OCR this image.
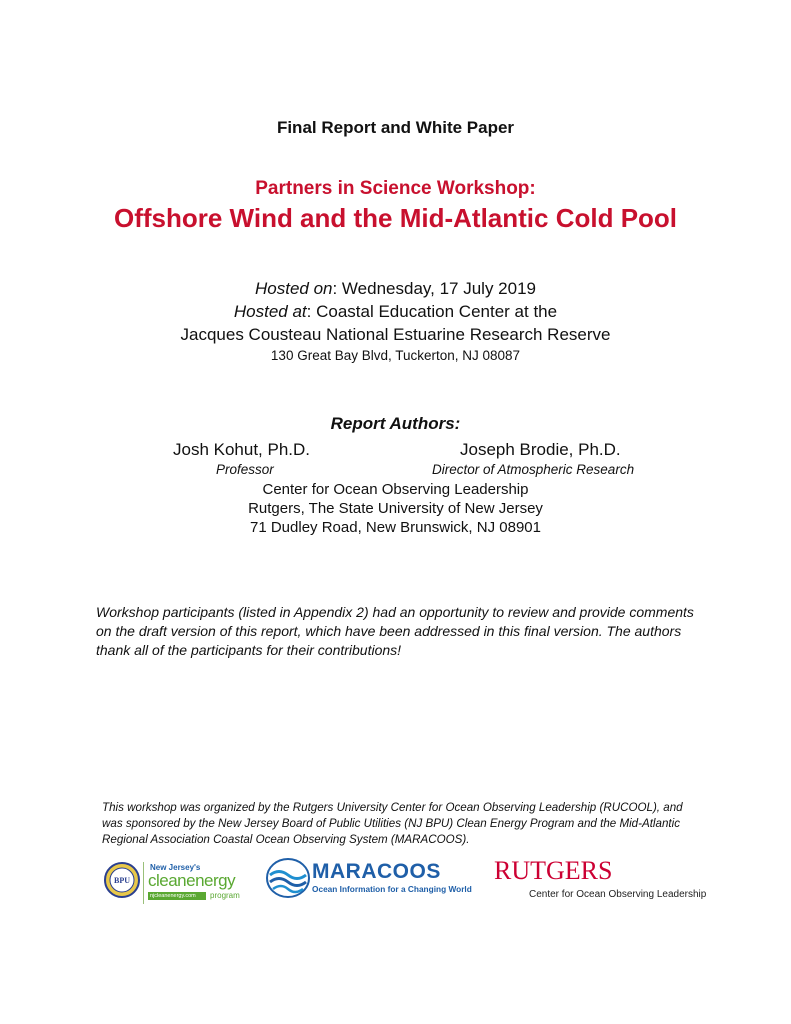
Final Report and White Paper
Partners in Science Workshop:
Offshore Wind and the Mid-Atlantic Cold Pool
Hosted on: Wednesday, 17 July 2019
Hosted at: Coastal Education Center at the
Jacques Cousteau National Estuarine Research Reserve
130 Great Bay Blvd, Tuckerton, NJ 08087
Report Authors:
Josh Kohut, Ph.D.
Professor
Joseph Brodie, Ph.D.
Director of Atmospheric Research
Center for Ocean Observing Leadership
Rutgers, The State University of New Jersey
71 Dudley Road, New Brunswick, NJ 08901
Workshop participants (listed in Appendix 2) had an opportunity to review and provide comments on the draft version of this report, which have been addressed in this final version. The authors thank all of the participants for their contributions!
This workshop was organized by the Rutgers University Center for Ocean Observing Leadership (RUCOOL), and was sponsored by the New Jersey Board of Public Utilities (NJ BPU) Clean Energy Program and the Mid-Atlantic Regional Association Coastal Ocean Observing System (MARACOOS).
BPU
New Jersey's
cleanenergy
njcleanenergy.com program
MARACOOS
Ocean Information for a Changing World
RUTGERS
Center for Ocean Observing Leadership
